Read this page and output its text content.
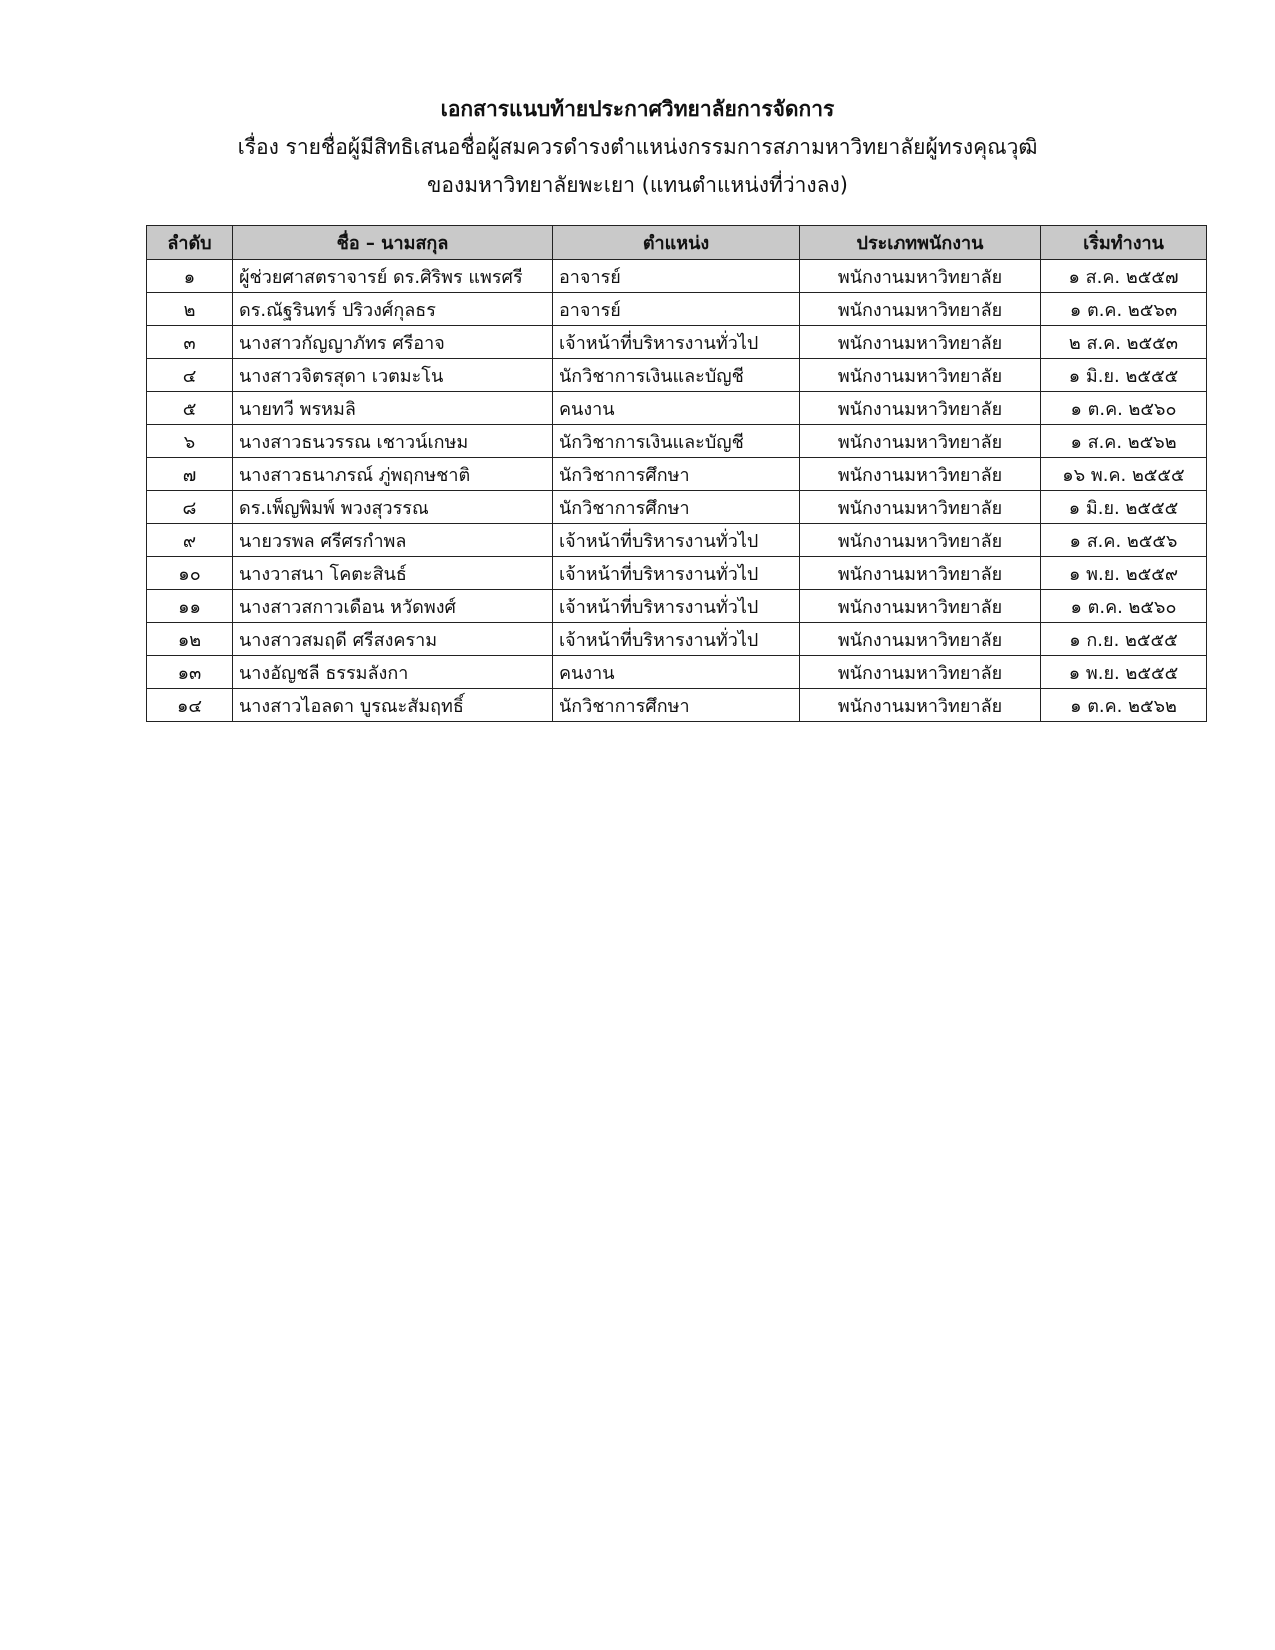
เอกสารแนบท้ายประกาศวิทยาลัยการจัดการ
เรื่อง รายชื่อผู้มีสิทธิเสนอชื่อผู้สมควรดำรงตำแหน่งกรรมการสภามหาวิทยาลัยผู้ทรงคุณวุฒิ
ของมหาวิทยาลัยพะเยา (แทนตำแหน่งที่ว่างลง)
ลำดับ	ชื่อ – นามสกุล	ตำแหน่ง	ประเภทพนักงาน	เริ่มทำงาน
๑	ผู้ช่วยศาสตราจารย์ ดร.ศิริพร แพรศรี	อาจารย์	พนักงานมหาวิทยาลัย	๑ ส.ค. ๒๕๕๗
๒	ดร.ณัฐรินทร์ ปริวงศ์กุลธร	อาจารย์	พนักงานมหาวิทยาลัย	๑ ต.ค. ๒๕๖๓
๓	นางสาวกัญญาภัทร ศรีอาจ	เจ้าหน้าที่บริหารงานทั่วไป	พนักงานมหาวิทยาลัย	๒ ส.ค. ๒๕๕๓
๔	นางสาวจิตรสุดา เวตมะโน	นักวิชาการเงินและบัญชี	พนักงานมหาวิทยาลัย	๑ มิ.ย. ๒๕๕๕
๕	นายทวี พรหมลิ	คนงาน	พนักงานมหาวิทยาลัย	๑ ต.ค. ๒๕๖๐
๖	นางสาวธนวรรณ เชาวน์เกษม	นักวิชาการเงินและบัญชี	พนักงานมหาวิทยาลัย	๑ ส.ค. ๒๕๖๒
๗	นางสาวธนาภรณ์ ภู่พฤกษชาติ	นักวิชาการศึกษา	พนักงานมหาวิทยาลัย	๑๖ พ.ค. ๒๕๕๕
๘	ดร.เพ็ญพิมพ์ พวงสุวรรณ	นักวิชาการศึกษา	พนักงานมหาวิทยาลัย	๑ มิ.ย. ๒๕๕๕
๙	นายวรพล ศรีศรกำพล	เจ้าหน้าที่บริหารงานทั่วไป	พนักงานมหาวิทยาลัย	๑ ส.ค. ๒๕๕๖
๑๐	นางวาสนา โคตะสินธ์	เจ้าหน้าที่บริหารงานทั่วไป	พนักงานมหาวิทยาลัย	๑ พ.ย. ๒๕๕๙
๑๑	นางสาวสกาวเดือน หวัดพงศ์	เจ้าหน้าที่บริหารงานทั่วไป	พนักงานมหาวิทยาลัย	๑ ต.ค. ๒๕๖๐
๑๒	นางสาวสมฤดี ศรีสงคราม	เจ้าหน้าที่บริหารงานทั่วไป	พนักงานมหาวิทยาลัย	๑ ก.ย. ๒๕๕๕
๑๓	นางอัญชลี ธรรมลังกา	คนงาน	พนักงานมหาวิทยาลัย	๑ พ.ย. ๒๕๕๕
๑๔	นางสาวไอลดา บูรณะสัมฤทธิ์	นักวิชาการศึกษา	พนักงานมหาวิทยาลัย	๑ ต.ค. ๒๕๖๒
